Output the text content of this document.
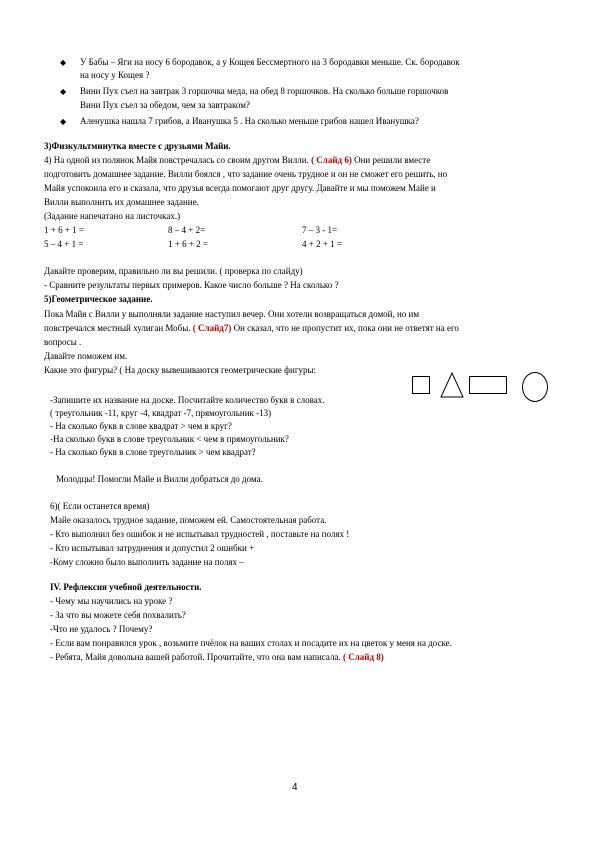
◆ У Бабы – Яги на носу 6 бородавок, а у Кощея Бессмертного на 3 бородавки меньше. Ск. бородавок
на носу у Кощея ?
◆ Вини Пух съел на завтрак 3 горшочка меда, на обед 8 горшочков. На сколько больше горшочков
Вини Пух съел за обедом, чем за завтраком?
◆ Аленушка нашла 7 грибов, а Иванушка 5 . На сколько меньше грибов нашел Иванушка?
3)Физкультминутка вместе с друзьями Майи.
4) На одной из полянок Майя повстречалась со своим другом Вилли. ( Слайд 6) Они решили вместе
подготовить домашнее задание. Вилли боялся , что задание очень трудное и он не сможет его решить, но
Майя успокоила его и сказала, что друзья всегда помогают друг другу. Давайте и мы поможем Майе и
Вилли выполнить их домашнее задание.
(Задание напечатано на листочках.)
1 + 6 + 1 =	8 – 4 + 2=	7 – 3 - 1=
5 – 4 + 1 =	1 + 6 + 2 =	4 + 2 + 1 =
Давайте проверим, правильно ли вы решили. ( проверка по слайду)
- Сравните результаты первых примеров. Какое число больше ? На сколько ?
5)Геометрическое задание.
Пока Майя с Вилли у выполняли задание наступил вечер. Они хотели возвращаться домой, но им
повстречался местный хулиган Мобы. ( Слайд7) Он сказал, что не пропустит их, пока они не ответят на его
вопросы .
Давайте поможем им.
Какие это фигуры? ( На доску вывешиваются геометрические фигуры:
-Запишите их название на доске. Посчитайте количество букв в словах.
( треугольник -11, круг -4, квадрат -7, прямоугольник -13)
- На сколько букв в слове квадрат > чем в круг?
-На сколько букв в слове треугольник < чем в прямоугольник?
- На сколько букв в слове треугольник > чем квадрат?
Молодцы! Помогли Майе и Вилли добраться до дома.
6)( Если останется время)
Майе оказалось трудное задание, поможем ей. Самостоятельная работа.
- Кто выполнил без ошибок и не испытывал трудностей , поставьте на полях !
- Кто испытывал затруднения и допустил 2 ошибки +
-Кому сложно было выполнить задание на полях –
IV. Рефлексия учебной деятельности.
- Чему мы научились на уроке ?
- За что вы можете себя похвалить?
-Что не удалось ? Почему?
- Если вам понравился урок , возьмите пчёлок на ваших столах и посадите их на цветок у меня на доске.
- Ребята, Майя довольна вашей работой. Прочитайте, что она вам написала. ( Слайд 8)
4
